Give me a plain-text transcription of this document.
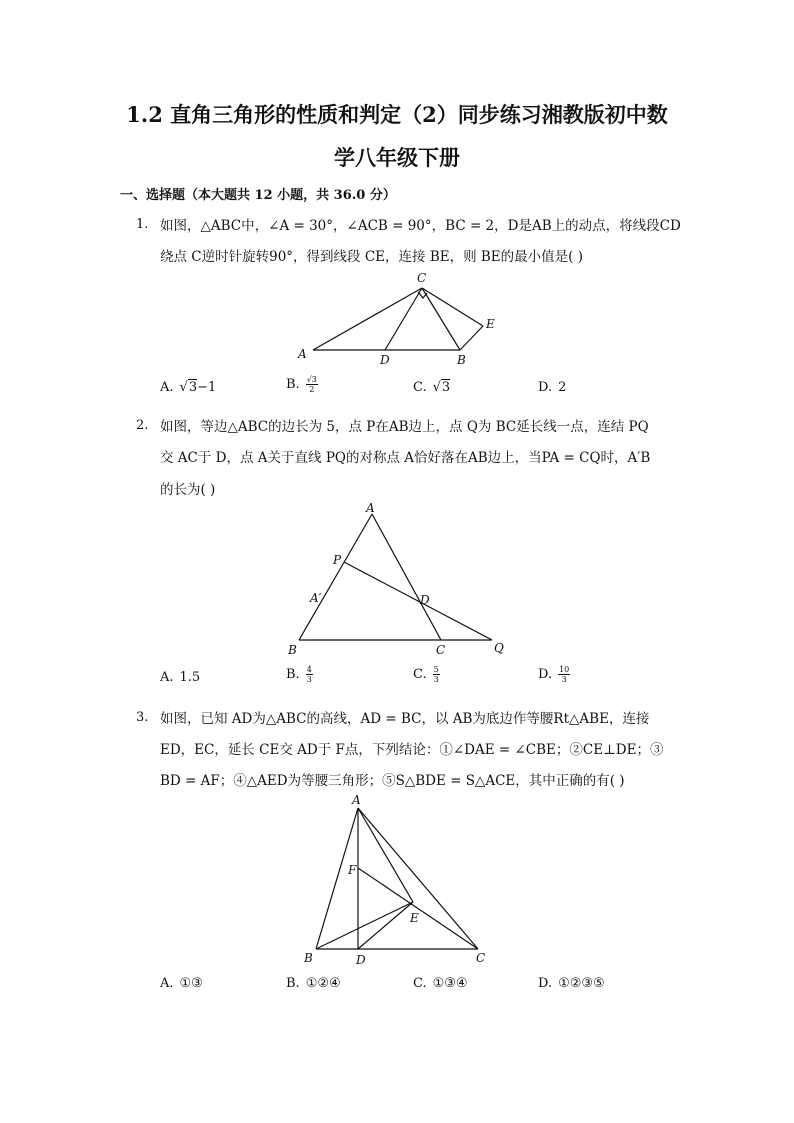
1.2 直角三角形的性质和判定（2）同步练习湘教版初中数
学八年级下册
一、选择题（本大题共 12 小题，共 36.0 分）
1. 如图，△ABC中，∠A = 30°，∠ACB = 90°，BC = 2，D是AB上的动点，将线段CD
绕点 C逆时针旋转90°，得到线段 CE，连接 BE，则 BE的最小值是( )
C
A	D	B
E
A. √3−1	B. $\frac{√3}{2}$	C. √3	D. 2
2. 如图，等边△ABC的边长为 5，点 P在AB边上，点 Q为 BC延长线一点，连结 PQ
交 AC于 D，点 A关于直线 PQ的对称点 A恰好落在AB边上，当PA = CQ时，A′B
的长为( )
A
P
A′	D
B	C	Q
A. 1.5	B. $\frac{4}{3}$	C. $\frac{5}{3}$	D. $\frac{10}{3}$
3. 如图，已知 AD为△ABC的高线，AD = BC，以 AB为底边作等腰Rt△ABE，连接
ED，EC，延长 CE交 AD于 F点，下列结论：①∠DAE = ∠CBE；②CE⊥DE；③
BD = AF；④△AED为等腰三角形；⑤S△BDE = S△ACE，其中正确的有( )
A
F
E
B	D	C
A. ①③	B. ①②④	C. ①③④	D. ①②③⑤
